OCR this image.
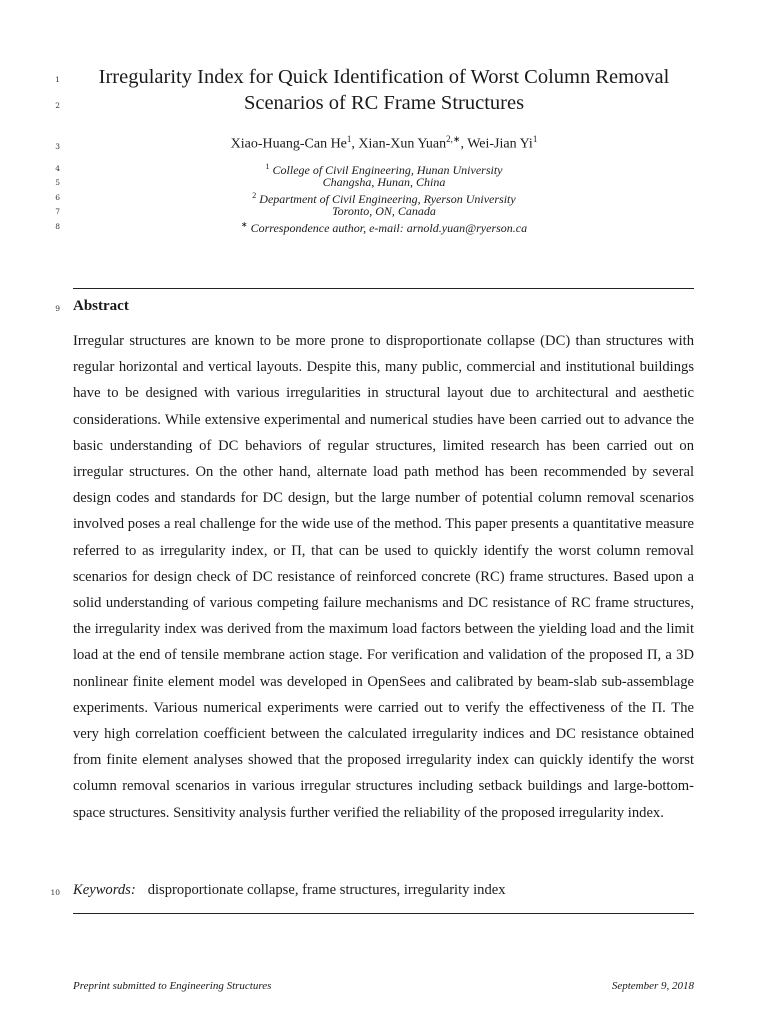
1
2
3
4
5
6
7
8
9
10
Irregularity Index for Quick Identification of Worst Column Removal
Scenarios of RC Frame Structures
Xiao-Huang-Can He$^1$, Xian-Xun Yuan$^{2,∗}$, Wei-Jian Yi$^1$
$^1$ College of Civil Engineering, Hunan University
Changsha, Hunan, China
$^2$ Department of Civil Engineering, Ryerson University
Toronto, ON, Canada
∗ Correspondence author, e-mail: arnold.yuan@ryerson.ca
Abstract

Irregular structures are known to be more prone to disproportionate collapse (DC) than structures with regular horizontal and vertical layouts. Despite this, many public, commercial and institutional buildings have to be designed with various irregularities in structural layout due to architectural and aesthetic considerations. While extensive experimental and numerical studies have been carried out to advance the basic understanding of DC behaviors of regular structures, limited research has been carried out on irregular structures. On the other hand, alternate load path method has been recommended by several design codes and standards for DC design, but the large number of potential column removal scenarios involved poses a real challenge for the wide use of the method. This paper presents a quantitative measure referred to as irregularity index, or Π, that can be used to quickly identify the worst column removal scenarios for design check of DC resistance of reinforced concrete (RC) frame structures. Based upon a solid understanding of various competing failure mechanisms and DC resistance of RC frame structures, the irregularity index was derived from the maximum load factors between the yielding load and the limit load at the end of tensile membrane action stage. For verification and validation of the proposed Π, a 3D nonlinear finite element model was developed in OpenSees and calibrated by beam-slab sub-assemblage experiments. Various numerical experiments were carried out to verify the effectiveness of the Π. The very high correlation coefficient between the calculated irregularity indices and DC resistance obtained from finite element analyses showed that the proposed irregularity index can quickly identify the worst column removal scenarios in various irregular structures including setback buildings and large-bottom-space structures. Sensitivity analysis further verified the reliability of the proposed irregularity index.

Keywords: disproportionate collapse, frame structures, irregularity index
Preprint submitted to Engineering Structures	September 9, 2018
